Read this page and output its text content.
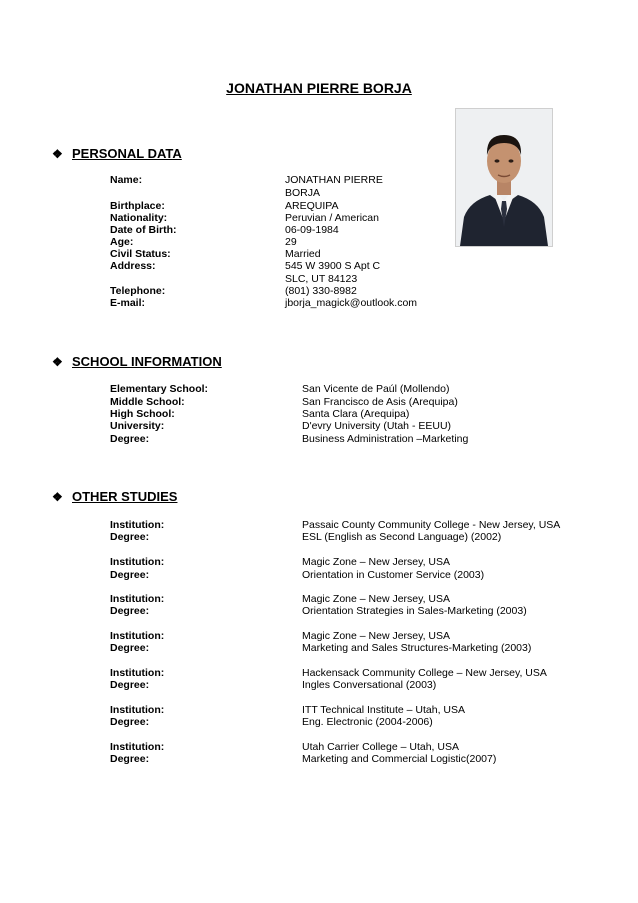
JONATHAN PIERRE BORJA
❖ PERSONAL DATA
Name:	JONATHAN PIERRE
BORJA
Birthplace:	AREQUIPA
Nationality:	Peruvian / American
Date of Birth:	06-09-1984
Age:	29
Civil Status:	Married
Address:	545 W 3900 S Apt C
SLC, UT 84123
Telephone:	(801) 330-8982
E-mail:	jborja_magick@outlook.com
❖ SCHOOL INFORMATION
Elementary School:	San Vicente de Paúl (Mollendo)
Middle School:	San Francisco de Asis (Arequipa)
High School:	Santa Clara (Arequipa)
University:	D'evry University (Utah - EEUU)
Degree:	Business Administration –Marketing
❖ OTHER STUDIES
Institution:	Passaic County Community College - New Jersey, USA
Degree:	ESL (English as Second Language) (2002)
Institution:	Magic Zone – New Jersey, USA
Degree:	Orientation in Customer Service (2003)
Institution:	Magic Zone – New Jersey, USA
Degree:	Orientation Strategies in Sales-Marketing (2003)
Institution:	Magic Zone – New Jersey, USA
Degree:	Marketing and Sales Structures-Marketing (2003)
Institution:	Hackensack Community College – New Jersey, USA
Degree:	Ingles Conversational (2003)
Institution:	ITT Technical Institute – Utah, USA
Degree:	Eng. Electronic (2004-2006)
Institution:	Utah Carrier College – Utah, USA
Degree:	Marketing and Commercial Logistic(2007)
